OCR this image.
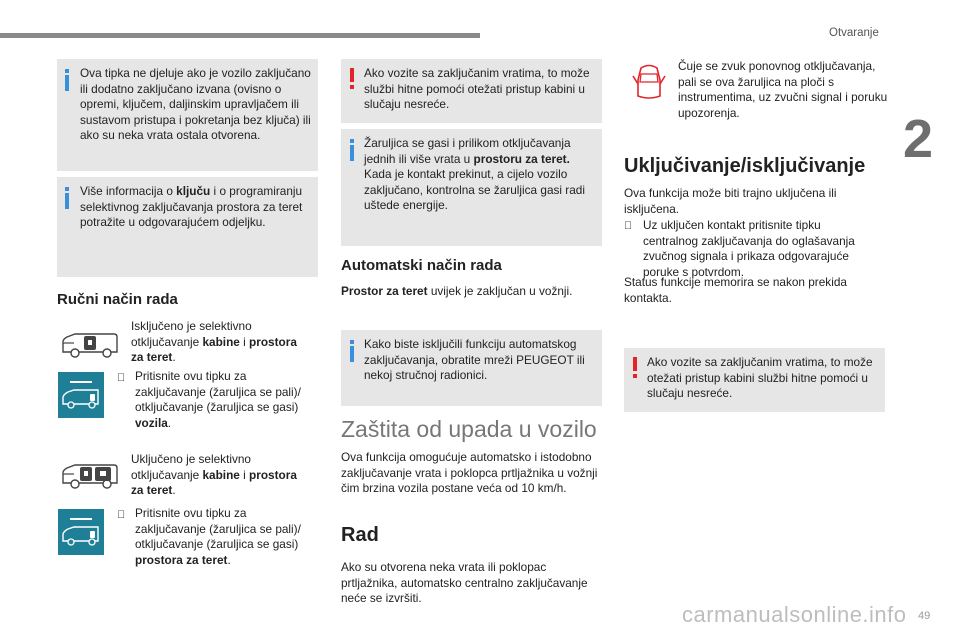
Otvaranje
2
49

Ova tipka ne djeluje ako je vozilo zaključano ili dodatno zaključano izvana (ovisno o opremi, ključem, daljinskim upravljačem ili sustavom pristupa i pokretanja bez ključa) ili ako su neka vrata ostala otvorena.

Više informacija o ključu i o programiranju selektivnog zaključavanja prostora za teret potražite u odgovarajućem odjeljku.

Ručni način rada

Isključeno je selektivno otključavanje kabine i prostora za teret.

Pritisnite ovu tipku za zaključavanje (žaruljica se pali)/ otključavanje (žaruljica se gasi) vozila.

Uključeno je selektivno otključavanje kabine i prostora za teret.

Pritisnite ovu tipku za zaključavanje (žaruljica se pali)/ otključavanje (žaruljica se gasi) prostora za teret.

Ako vozite sa zaključanim vratima, to može službi hitne pomoći otežati pristup kabini u slučaju nesreće.

Žaruljica se gasi i prilikom otključavanja jednih ili više vrata u prostoru za teret. Kada je kontakt prekinut, a cijelo vozilo zaključano, kontrolna se žaruljica gasi radi uštede energije.

Automatski način rada

Prostor za teret uvijek je zaključan u vožnji.

Kako biste isključili funkciju automatskog zaključavanja, obratite mreži PEUGEOT ili nekoj stručnoj radionici.

Zaštita od upada u vozilo

Ova funkcija omogućuje automatsko i istodobno zaključavanje vrata i poklopca prtljažnika u vožnji čim brzina vozila postane veća od 10 km/h.

Rad

Ako su otvorena neka vrata ili poklopac prtljažnika, automatsko centralno zaključavanje neće se izvršiti.

Čuje se zvuk ponovnog otključavanja, pali se ova žaruljica na ploči s instrumentima, uz zvučni signal i poruku upozorenja.

Uključivanje/isključivanje

Ova funkcija može biti trajno uključena ili isključena.

Uz uključen kontakt pritisnite tipku centralnog zaključavanja do oglašavanja zvučnog signala i prikaza odgovarajuće poruke s potvrdom.

Status funkcije memorira se nakon prekida kontakta.

Ako vozite sa zaključanim vratima, to može otežati pristup kabini službi hitne pomoći u slučaju nesreće.

carmanualsonline.info
